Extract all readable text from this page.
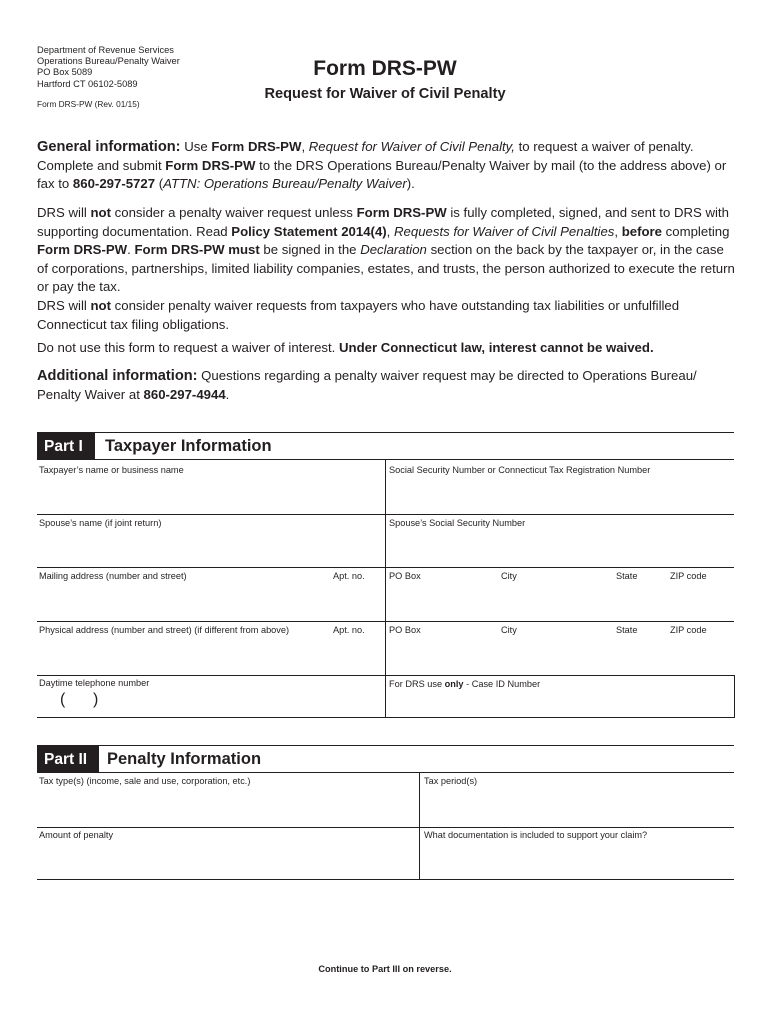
Department of Revenue Services
Operations Bureau/Penalty Waiver
PO Box 5089
Hartford CT 06102-5089
Form DRS-PW (Rev. 01/15)
Form DRS-PW
Request for Waiver of Civil Penalty
General information: Use Form DRS-PW, Request for Waiver of Civil Penalty, to request a waiver of penalty. Complete and submit Form DRS-PW to the DRS Operations Bureau/Penalty Waiver by mail (to the address above) or fax to 860-297-5727 (ATTN: Operations Bureau/Penalty Waiver).
DRS will not consider a penalty waiver request unless Form DRS-PW is fully completed, signed, and sent to DRS with supporting documentation. Read Policy Statement 2014(4), Requests for Waiver of Civil Penalties, before completing Form DRS-PW. Form DRS-PW must be signed in the Declaration section on the back by the taxpayer or, in the case of corporations, partnerships, limited liability companies, estates, and trusts, the person authorized to execute the return or pay the tax.
DRS will not consider penalty waiver requests from taxpayers who have outstanding tax liabilities or unfulfilled Connecticut tax filing obligations.
Do not use this form to request a waiver of interest. Under Connecticut law, interest cannot be waived.
Additional information: Questions regarding a penalty waiver request may be directed to Operations Bureau/ Penalty Waiver at 860-297-4944.
Part I	Taxpayer Information
Taxpayer’s name or business name	Social Security Number or Connecticut Tax Registration Number
Spouse’s name (if joint return)	Spouse’s Social Security Number
Mailing address (number and street)	Apt. no.	PO Box	City	State	ZIP code
Physical address (number and street) (if different from above)	Apt. no.	PO Box	City	State	ZIP code
Daytime telephone number
( )
For DRS use only - Case ID Number
Part II	Penalty Information
Tax type(s) (income, sale and use, corporation, etc.)	Tax period(s)
Amount of penalty	What documentation is included to support your claim?
Continue to Part III on reverse.
